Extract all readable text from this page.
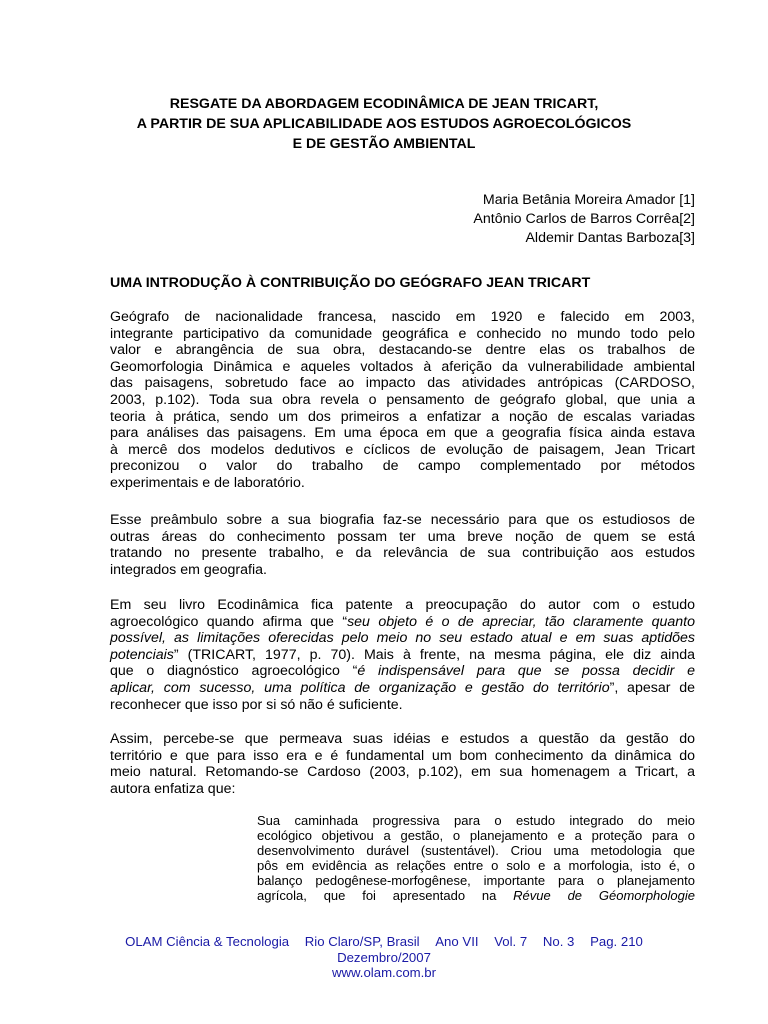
RESGATE DA ABORDAGEM ECODINÂMICA DE JEAN TRICART,
A PARTIR DE SUA APLICABILIDADE AOS ESTUDOS AGROECOLÓGICOS
E DE GESTÃO AMBIENTAL
Maria Betânia Moreira Amador [1]
Antônio Carlos de Barros Corrêa[2]
Aldemir Dantas Barboza[3]
UMA INTRODUÇÃO À CONTRIBUIÇÃO DO GEÓGRAFO JEAN TRICART
Geógrafo de nacionalidade francesa, nascido em 1920 e falecido em 2003,
integrante participativo da comunidade geográfica e conhecido no mundo todo pelo
valor e abrangência de sua obra, destacando-se dentre elas os trabalhos de
Geomorfologia Dinâmica e aqueles voltados à aferição da vulnerabilidade ambiental
das paisagens, sobretudo face ao impacto das atividades antrópicas (CARDOSO,
2003, p.102). Toda sua obra revela o pensamento de geógrafo global, que unia a
teoria à prática, sendo um dos primeiros a enfatizar a noção de escalas variadas
para análises das paisagens. Em uma época em que a geografia física ainda estava
à mercê dos modelos dedutivos e cíclicos de evolução de paisagem, Jean Tricart
preconizou o valor do trabalho de campo complementado por métodos
experimentais e de laboratório.
Esse preâmbulo sobre a sua biografia faz-se necessário para que os estudiosos de
outras áreas do conhecimento possam ter uma breve noção de quem se está
tratando no presente trabalho, e da relevância de sua contribuição aos estudos
integrados em geografia.
Em seu livro Ecodinâmica fica patente a preocupação do autor com o estudo
agroecológico quando afirma que “seu objeto é o de apreciar, tão claramente quanto
possível, as limitações oferecidas pelo meio no seu estado atual e em suas aptidões
potenciais” (TRICART, 1977, p. 70). Mais à frente, na mesma página, ele diz ainda
que o diagnóstico agroecológico “é indispensável para que se possa decidir e
aplicar, com sucesso, uma política de organização e gestão do território”, apesar de
reconhecer que isso por si só não é suficiente.
Assim, percebe-se que permeava suas idéias e estudos a questão da gestão do
território e que para isso era e é fundamental um bom conhecimento da dinâmica do
meio natural. Retomando-se Cardoso (2003, p.102), em sua homenagem a Tricart, a
autora enfatiza que:
Sua caminhada progressiva para o estudo integrado do meio
ecológico objetivou a gestão, o planejamento e a proteção para o
desenvolvimento durável (sustentável). Criou uma metodologia que
pôs em evidência as relações entre o solo e a morfologia, isto é, o
balanço pedogênese-morfogênese, importante para o planejamento
agrícola, que foi apresentado na Révue de Géomorphologie
OLAM Ciência & Tecnologia Rio Claro/SP, Brasil Ano VII Vol. 7 No. 3 Pag. 210
Dezembro/2007
www.olam.com.br
